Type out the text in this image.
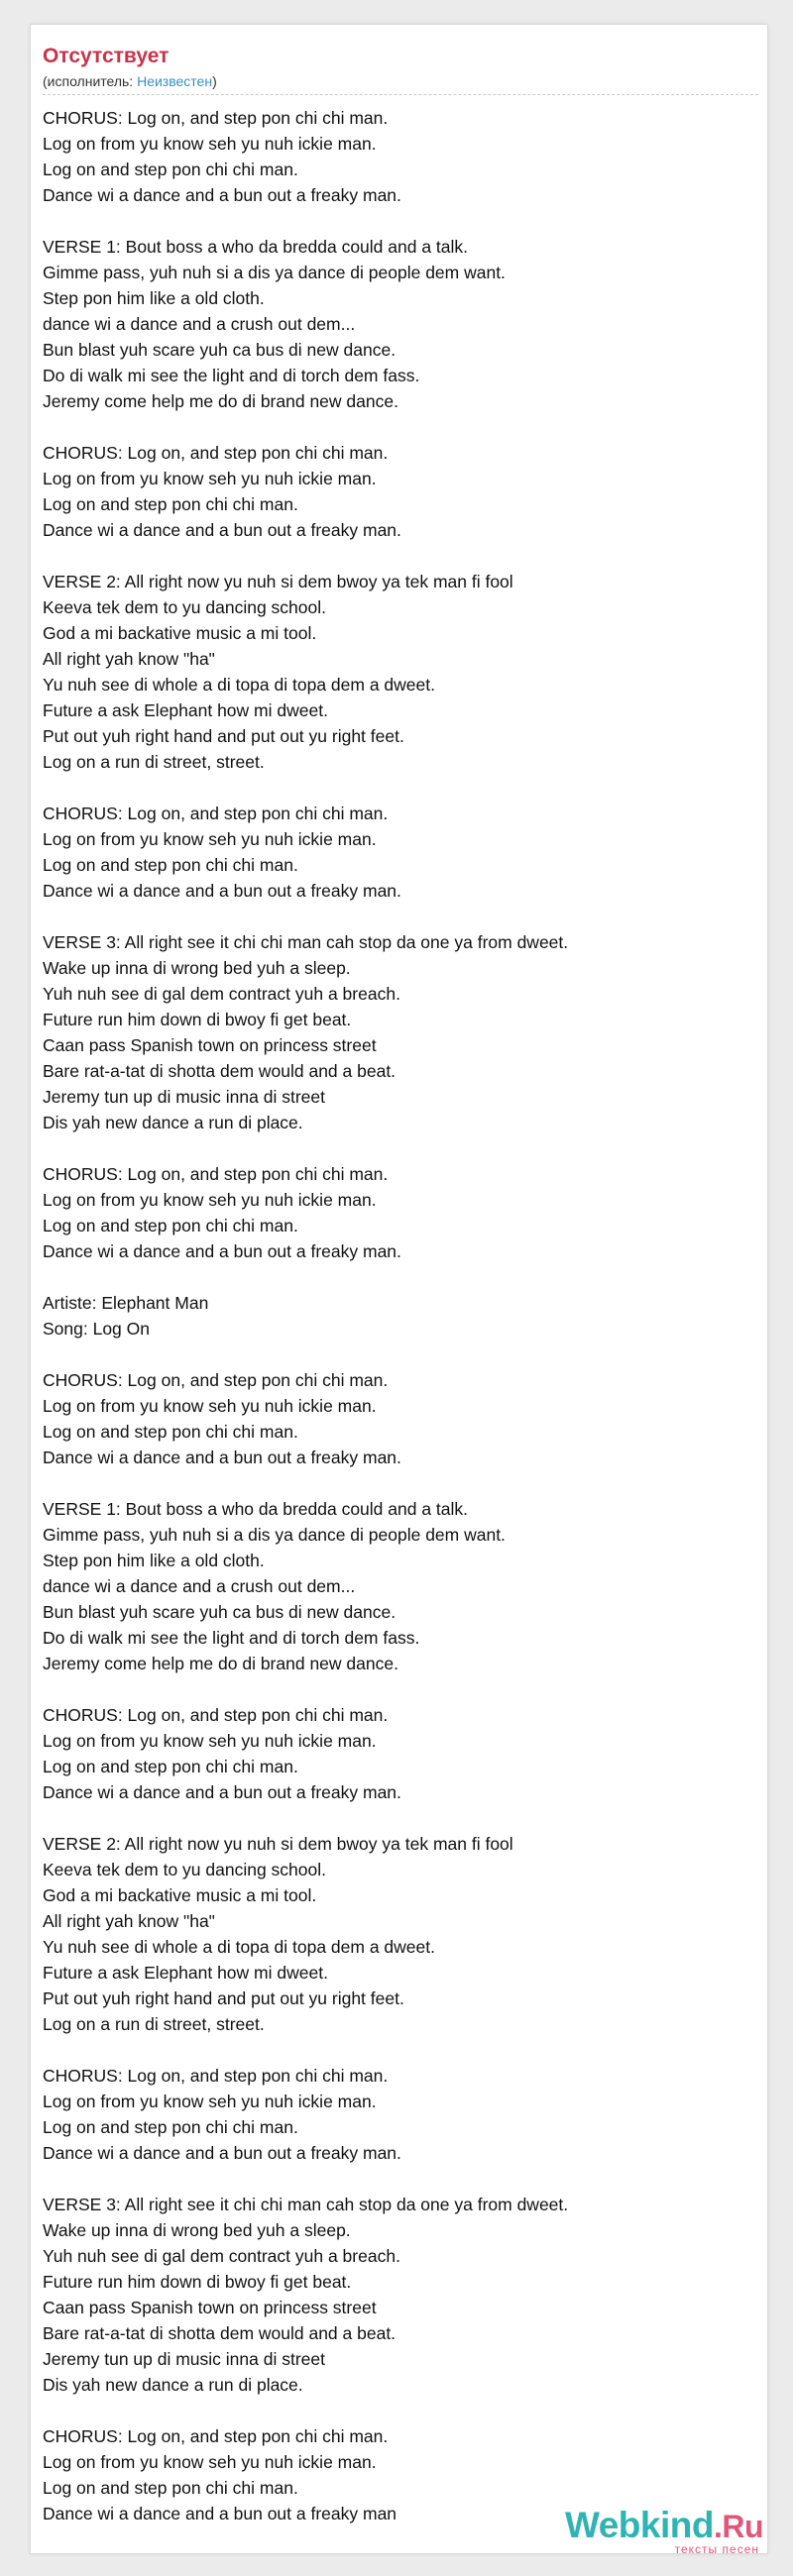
Отсутствует
(исполнитель: Неизвестен)
CHORUS: Log on, and step pon chi chi man.
Log on from yu know seh yu nuh ickie man.
Log on and step pon chi chi man.
Dance wi a dance and a bun out a freaky man.
VERSE 1: Bout boss a who da bredda could and a talk.
Gimme pass, yuh nuh si a dis ya dance di people dem want.
Step pon him like a old cloth.
dance wi a dance and a crush out dem...
Bun blast yuh scare yuh ca bus di new dance.
Do di walk mi see the light and di torch dem fass.
Jeremy come help me do di brand new dance.
CHORUS: Log on, and step pon chi chi man.
Log on from yu know seh yu nuh ickie man.
Log on and step pon chi chi man.
Dance wi a dance and a bun out a freaky man.
VERSE 2: All right now yu nuh si dem bwoy ya tek man fi fool
Keeva tek dem to yu dancing school.
God a mi backative music a mi tool.
All right yah know "ha"
Yu nuh see di whole a di topa di topa dem a dweet.
Future a ask Elephant how mi dweet.
Put out yuh right hand and put out yu right feet.
Log on a run di street, street.
CHORUS: Log on, and step pon chi chi man.
Log on from yu know seh yu nuh ickie man.
Log on and step pon chi chi man.
Dance wi a dance and a bun out a freaky man.
VERSE 3: All right see it chi chi man cah stop da one ya from dweet.
Wake up inna di wrong bed yuh a sleep.
Yuh nuh see di gal dem contract yuh a breach.
Future run him down di bwoy fi get beat.
Caan pass Spanish town on princess street
Bare rat-a-tat di shotta dem would and a beat.
Jeremy tun up di music inna di street
Dis yah new dance a run di place.
CHORUS: Log on, and step pon chi chi man.
Log on from yu know seh yu nuh ickie man.
Log on and step pon chi chi man.
Dance wi a dance and a bun out a freaky man.
Artiste: Elephant Man
Song: Log On
CHORUS: Log on, and step pon chi chi man.
Log on from yu know seh yu nuh ickie man.
Log on and step pon chi chi man.
Dance wi a dance and a bun out a freaky man.
VERSE 1: Bout boss a who da bredda could and a talk.
Gimme pass, yuh nuh si a dis ya dance di people dem want.
Step pon him like a old cloth.
dance wi a dance and a crush out dem...
Bun blast yuh scare yuh ca bus di new dance.
Do di walk mi see the light and di torch dem fass.
Jeremy come help me do di brand new dance.
CHORUS: Log on, and step pon chi chi man.
Log on from yu know seh yu nuh ickie man.
Log on and step pon chi chi man.
Dance wi a dance and a bun out a freaky man.
VERSE 2: All right now yu nuh si dem bwoy ya tek man fi fool
Keeva tek dem to yu dancing school.
God a mi backative music a mi tool.
All right yah know "ha"
Yu nuh see di whole a di topa di topa dem a dweet.
Future a ask Elephant how mi dweet.
Put out yuh right hand and put out yu right feet.
Log on a run di street, street.
CHORUS: Log on, and step pon chi chi man.
Log on from yu know seh yu nuh ickie man.
Log on and step pon chi chi man.
Dance wi a dance and a bun out a freaky man.
VERSE 3: All right see it chi chi man cah stop da one ya from dweet.
Wake up inna di wrong bed yuh a sleep.
Yuh nuh see di gal dem contract yuh a breach.
Future run him down di bwoy fi get beat.
Caan pass Spanish town on princess street
Bare rat-a-tat di shotta dem would and a beat.
Jeremy tun up di music inna di street
Dis yah new dance a run di place.
CHORUS: Log on, and step pon chi chi man.
Log on from yu know seh yu nuh ickie man.
Log on and step pon chi chi man.
Dance wi a dance and a bun out a freaky man	Webkind.Ru
тексты песен
